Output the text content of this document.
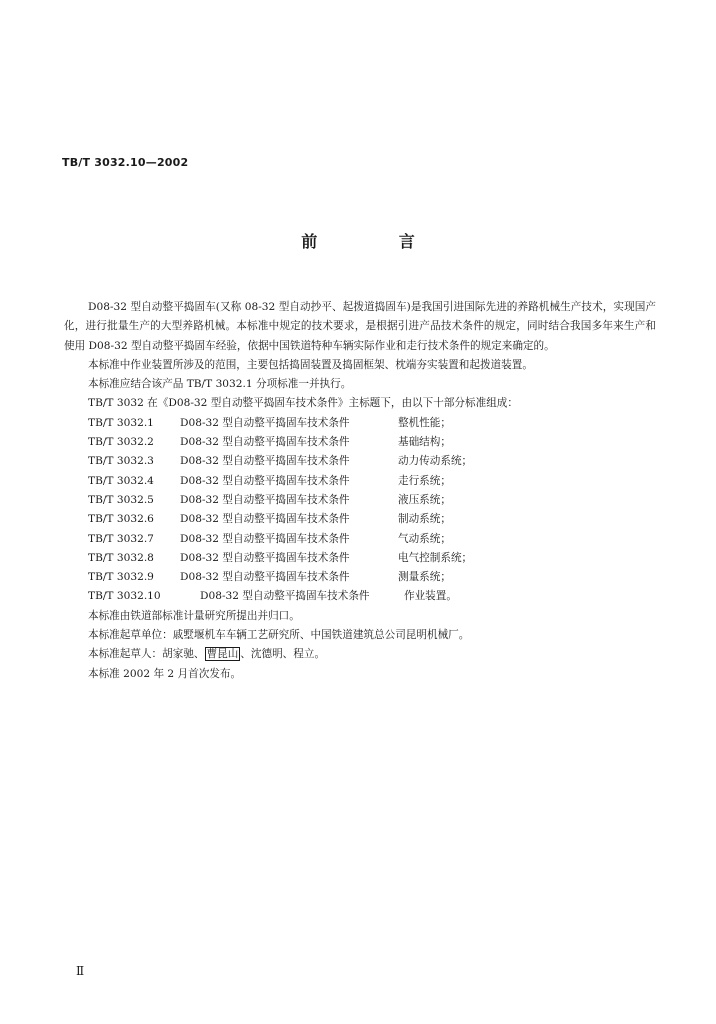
TB/T 3032.10—2002
前 言

D08-32 型自动整平捣固车(又称 08-32 型自动抄平、起拨道捣固车)是我国引进国际先进的养路机械生产技术，实现国产化，进行批量生产的大型养路机械。本标准中规定的技术要求，是根据引进产品技术条件的规定，同时结合我国多年来生产和使用 D08-32 型自动整平捣固车经验，依据中国铁道特种车辆实际作业和走行技术条件的规定来确定的。

本标准中作业装置所涉及的范围，主要包括捣固装置及捣固框架、枕端夯实装置和起拨道装置。

本标准应结合该产品 TB/T 3032.1 分项标准一并执行。

TB/T 3032 在《D08-32 型自动整平捣固车技术条件》主标题下，由以下十部分标准组成：

TB/T 3032.1 D08-32 型自动整平捣固车技术条件	整机性能；
TB/T 3032.2 D08-32 型自动整平捣固车技术条件	基础结构；
TB/T 3032.3 D08-32 型自动整平捣固车技术条件	动力传动系统；
TB/T 3032.4 D08-32 型自动整平捣固车技术条件	走行系统；
TB/T 3032.5 D08-32 型自动整平捣固车技术条件	液压系统；
TB/T 3032.6 D08-32 型自动整平捣固车技术条件	制动系统；
TB/T 3032.7 D08-32 型自动整平捣固车技术条件	气动系统；
TB/T 3032.8 D08-32 型自动整平捣固车技术条件	电气控制系统；
TB/T 3032.9 D08-32 型自动整平捣固车技术条件	测量系统；
TB/T 3032.10	D08-32 型自动整平捣固车技术条件	作业装置。

本标准由铁道部标准计量研究所提出并归口。

本标准起草单位：戚墅堰机车车辆工艺研究所、中国铁道建筑总公司昆明机械厂。

本标准起草人：胡家驰、 曹昆山 、沈德明、程立。

本标准 2002 年 2 月首次发布。

Ⅱ
